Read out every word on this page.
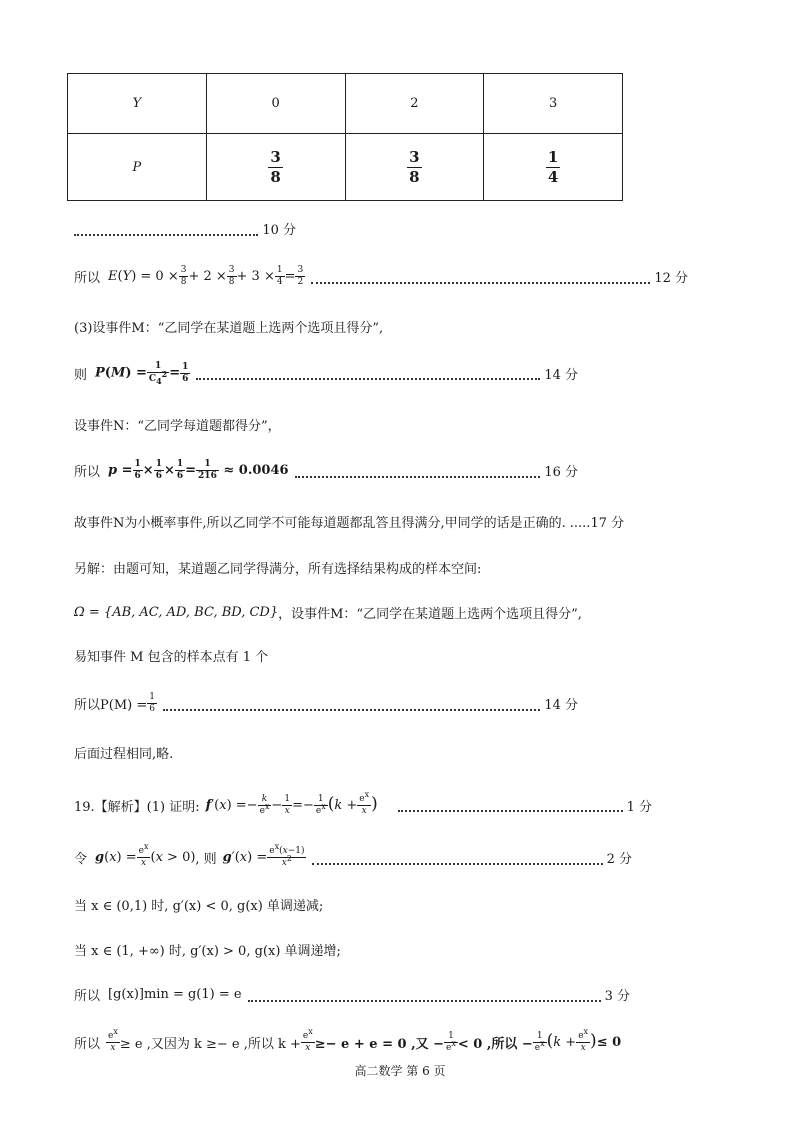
Y	0	2	3
P	$\frac{3}{8}$	$\frac{3}{8}$	$\frac{1}{4}$
10 分
所以 $E(Y) = 0 \times \frac{3}{8} + 2 \times \frac{3}{8} + 3 \times \frac{1}{4} = \frac{3}{2}$	12 分
(3)设事件M：“乙同学在某道题上选两个选项且得分”,
则 $P(M) = \frac{1}{C_4^2} = \frac{1}{6}$	14 分
设事件N：“乙同学每道题都得分”，
所以 $p = \frac{1}{6} \times \frac{1}{6} \times \frac{1}{6} = \frac{1}{216} \approx 0.0046$	16 分
故事件N为小概率事件,所以乙同学不可能每道题都乱答且得满分,甲同学的话是正确的. .....17 分
另解：由题可知，某道题乙同学得满分，所有选择结果构成的样本空间:
Ω = {AB, AC, AD, BC, BD, CD} ，设事件M：“乙同学在某道题上选两个选项且得分”,
易知事件 M 包含的样本点有 1 个
所以$P(M) = \frac{1}{6}$	14 分
后面过程相同,略.
19.【解析】(1) 证明: $f'(x) =- \frac{k}{e^x} - \frac{1}{x} =- \frac{1}{e^x} (k + \frac{e^x}{x}$ )	1 分
令 $g(x) = \frac{e^x}{x} (x > 0)$ , 则 $g'(x) = \frac{e^x(x-1)}{x^2}$	2 分
当 x ∈ (0,1) 时, g′(x) < 0, g(x) 单调递减;
当 x ∈ (1, +∞) 时, g′(x) > 0, g(x) 单调递增;
所以 [g(x)]min = g(1) = e	3 分
所以 $\frac{e^x}{x} \ge e$ ,又因为 k ≥− e ,所以 $k + \frac{e^x}{x} \ge- e + e = 0$ ,又 − $\frac{1}{e^x} < 0$ ,所以 − $\frac{1}{e^x} (k + \frac{e^x}{x}$ ) ≤ 0
高二数学 第 6 页
